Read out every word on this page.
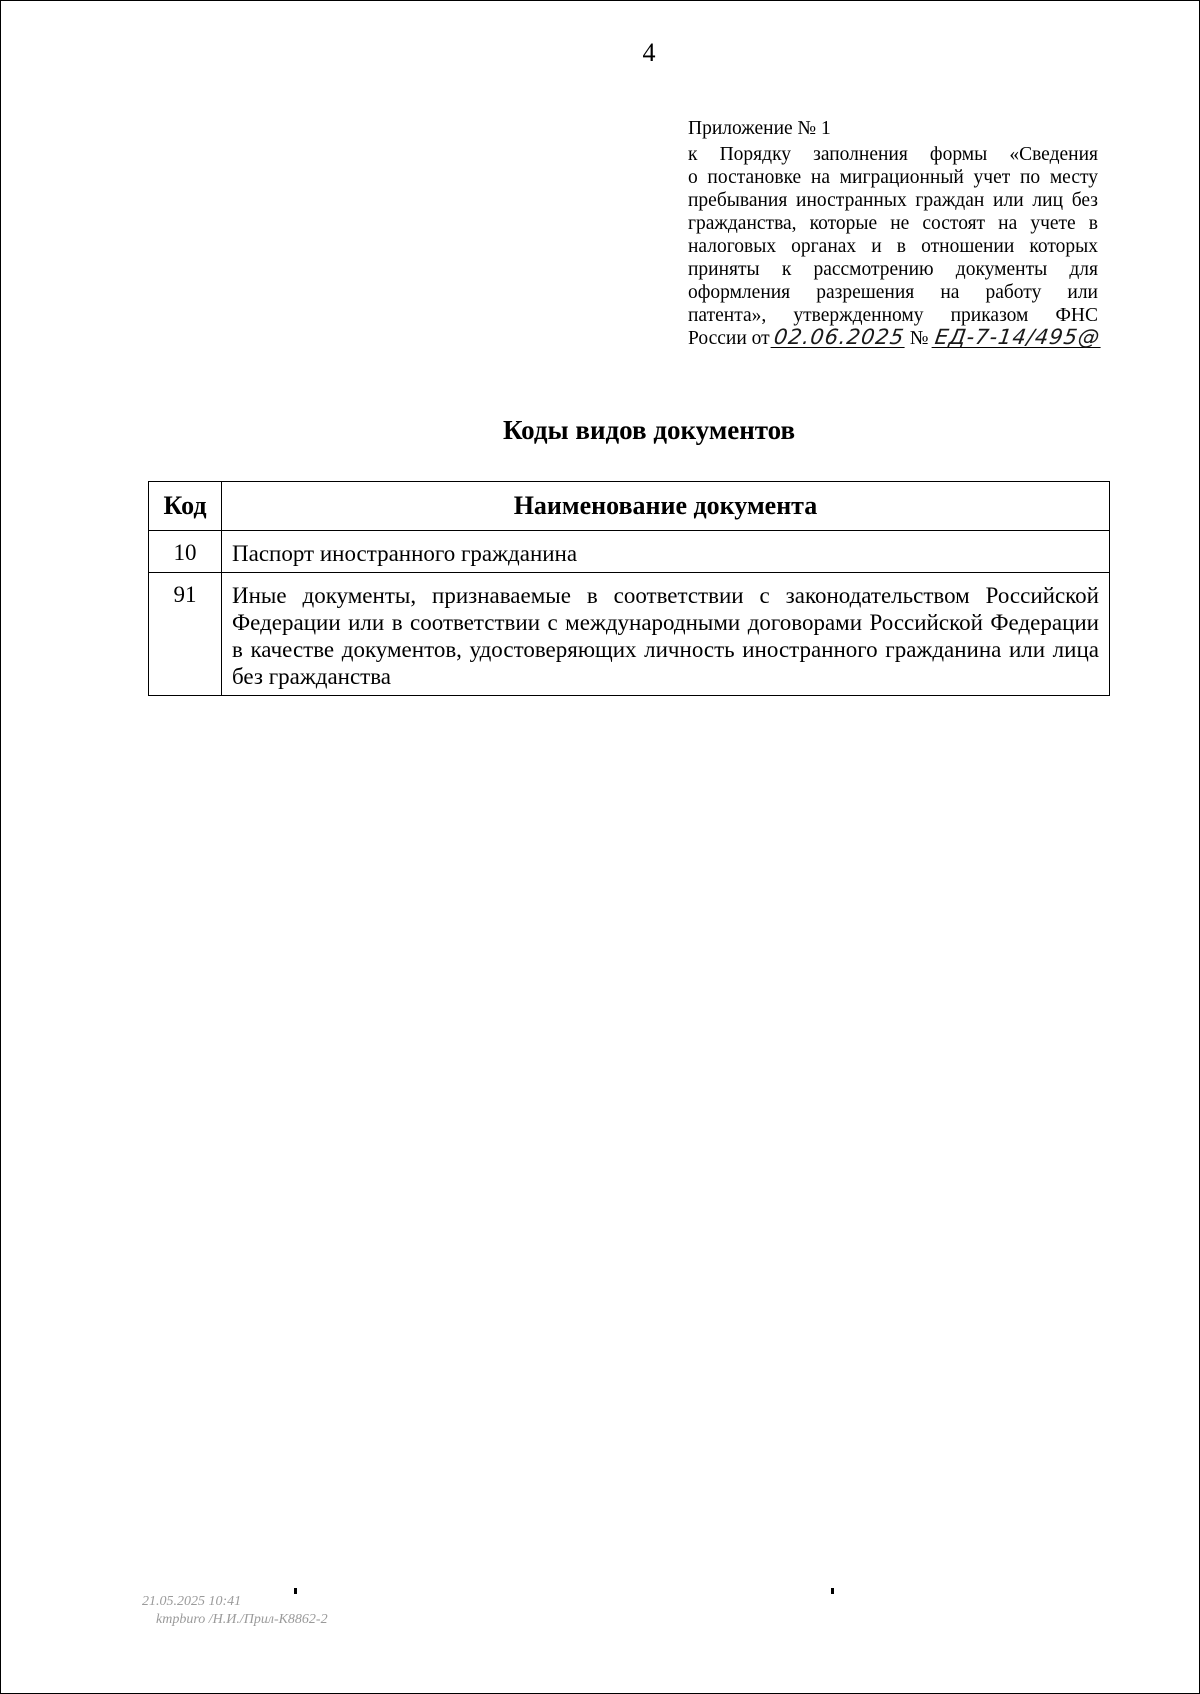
4
Приложение № 1
к Порядку заполнения формы «Сведения
о постановке на миграционный учет по месту
пребывания иностранных граждан или лиц без
гражданства, которые не состоят на учете в
налоговых органах и в отношении которых
приняты к рассмотрению документы для
оформления разрешения на работу или
патента», утвержденному приказом ФНС
России от 02.06.2025 № ЕД-7-14/495@
Коды видов документов
Код	Наименование документа
10	Паспорт иностранного гражданина
91	Иные документы, признаваемые в соответствии с законодательством Российской Федерации или в соответствии с международными договорами Российской Федерации в качестве документов, удостоверяющих личность иностранного гражданина или лица без гражданства
21.05.2025 10:41
 kmpburo /Н.И./Прил-К8862-2
